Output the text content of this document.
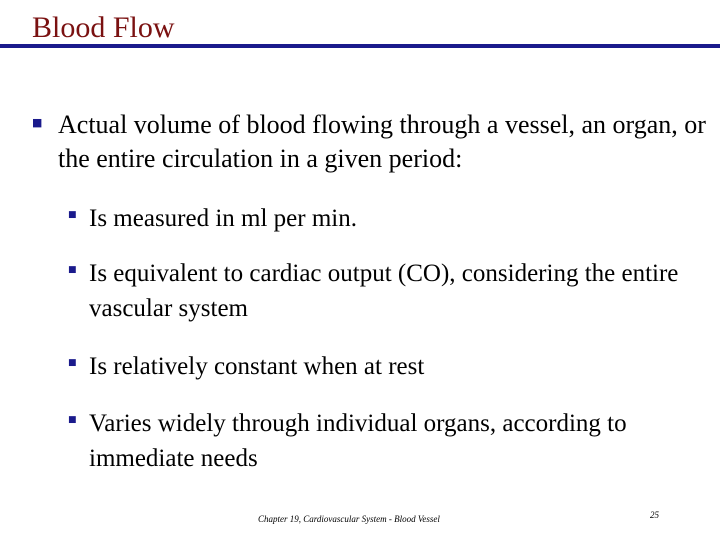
Blood Flow
■
Actual volume of blood flowing through a vessel, an organ, or the entire circulation in a given period:
■
Is measured in ml per min.
■
Is equivalent to cardiac output (CO), considering the entire vascular system
■
Is relatively constant when at rest
■
Varies widely through individual organs, according to immediate needs
Chapter 19, Cardiovascular System - Blood Vessel	25
